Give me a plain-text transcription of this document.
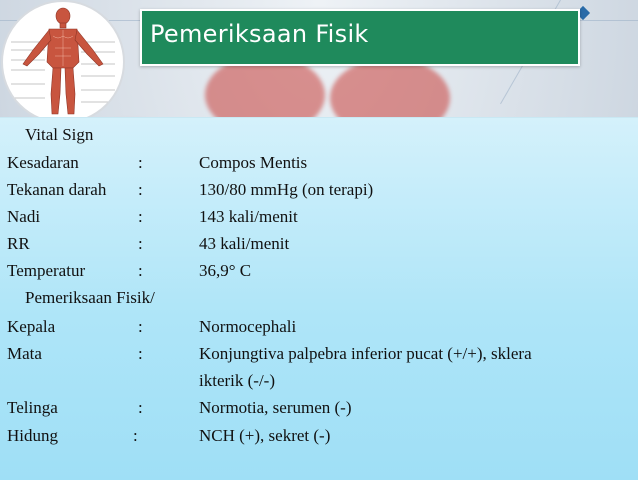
Pemeriksaan Fisik
Vital Sign
Kesadaran	:	Compos Mentis
Tekanan darah :	130/80 mmHg (on terapi)
Nadi	:	143 kali/menit
RR	:	43 kali/menit
Temperatur	:	36,9° C
Pemeriksaan Fisik/
Kepala	:	Normocephali
Mata	:	Konjungtiva palpebra inferior pucat (+/+), sklera
ikterik (-/-)
Telinga	:	Normotia, serumen (-)
Hidung	:	NCH (+), sekret (-)
